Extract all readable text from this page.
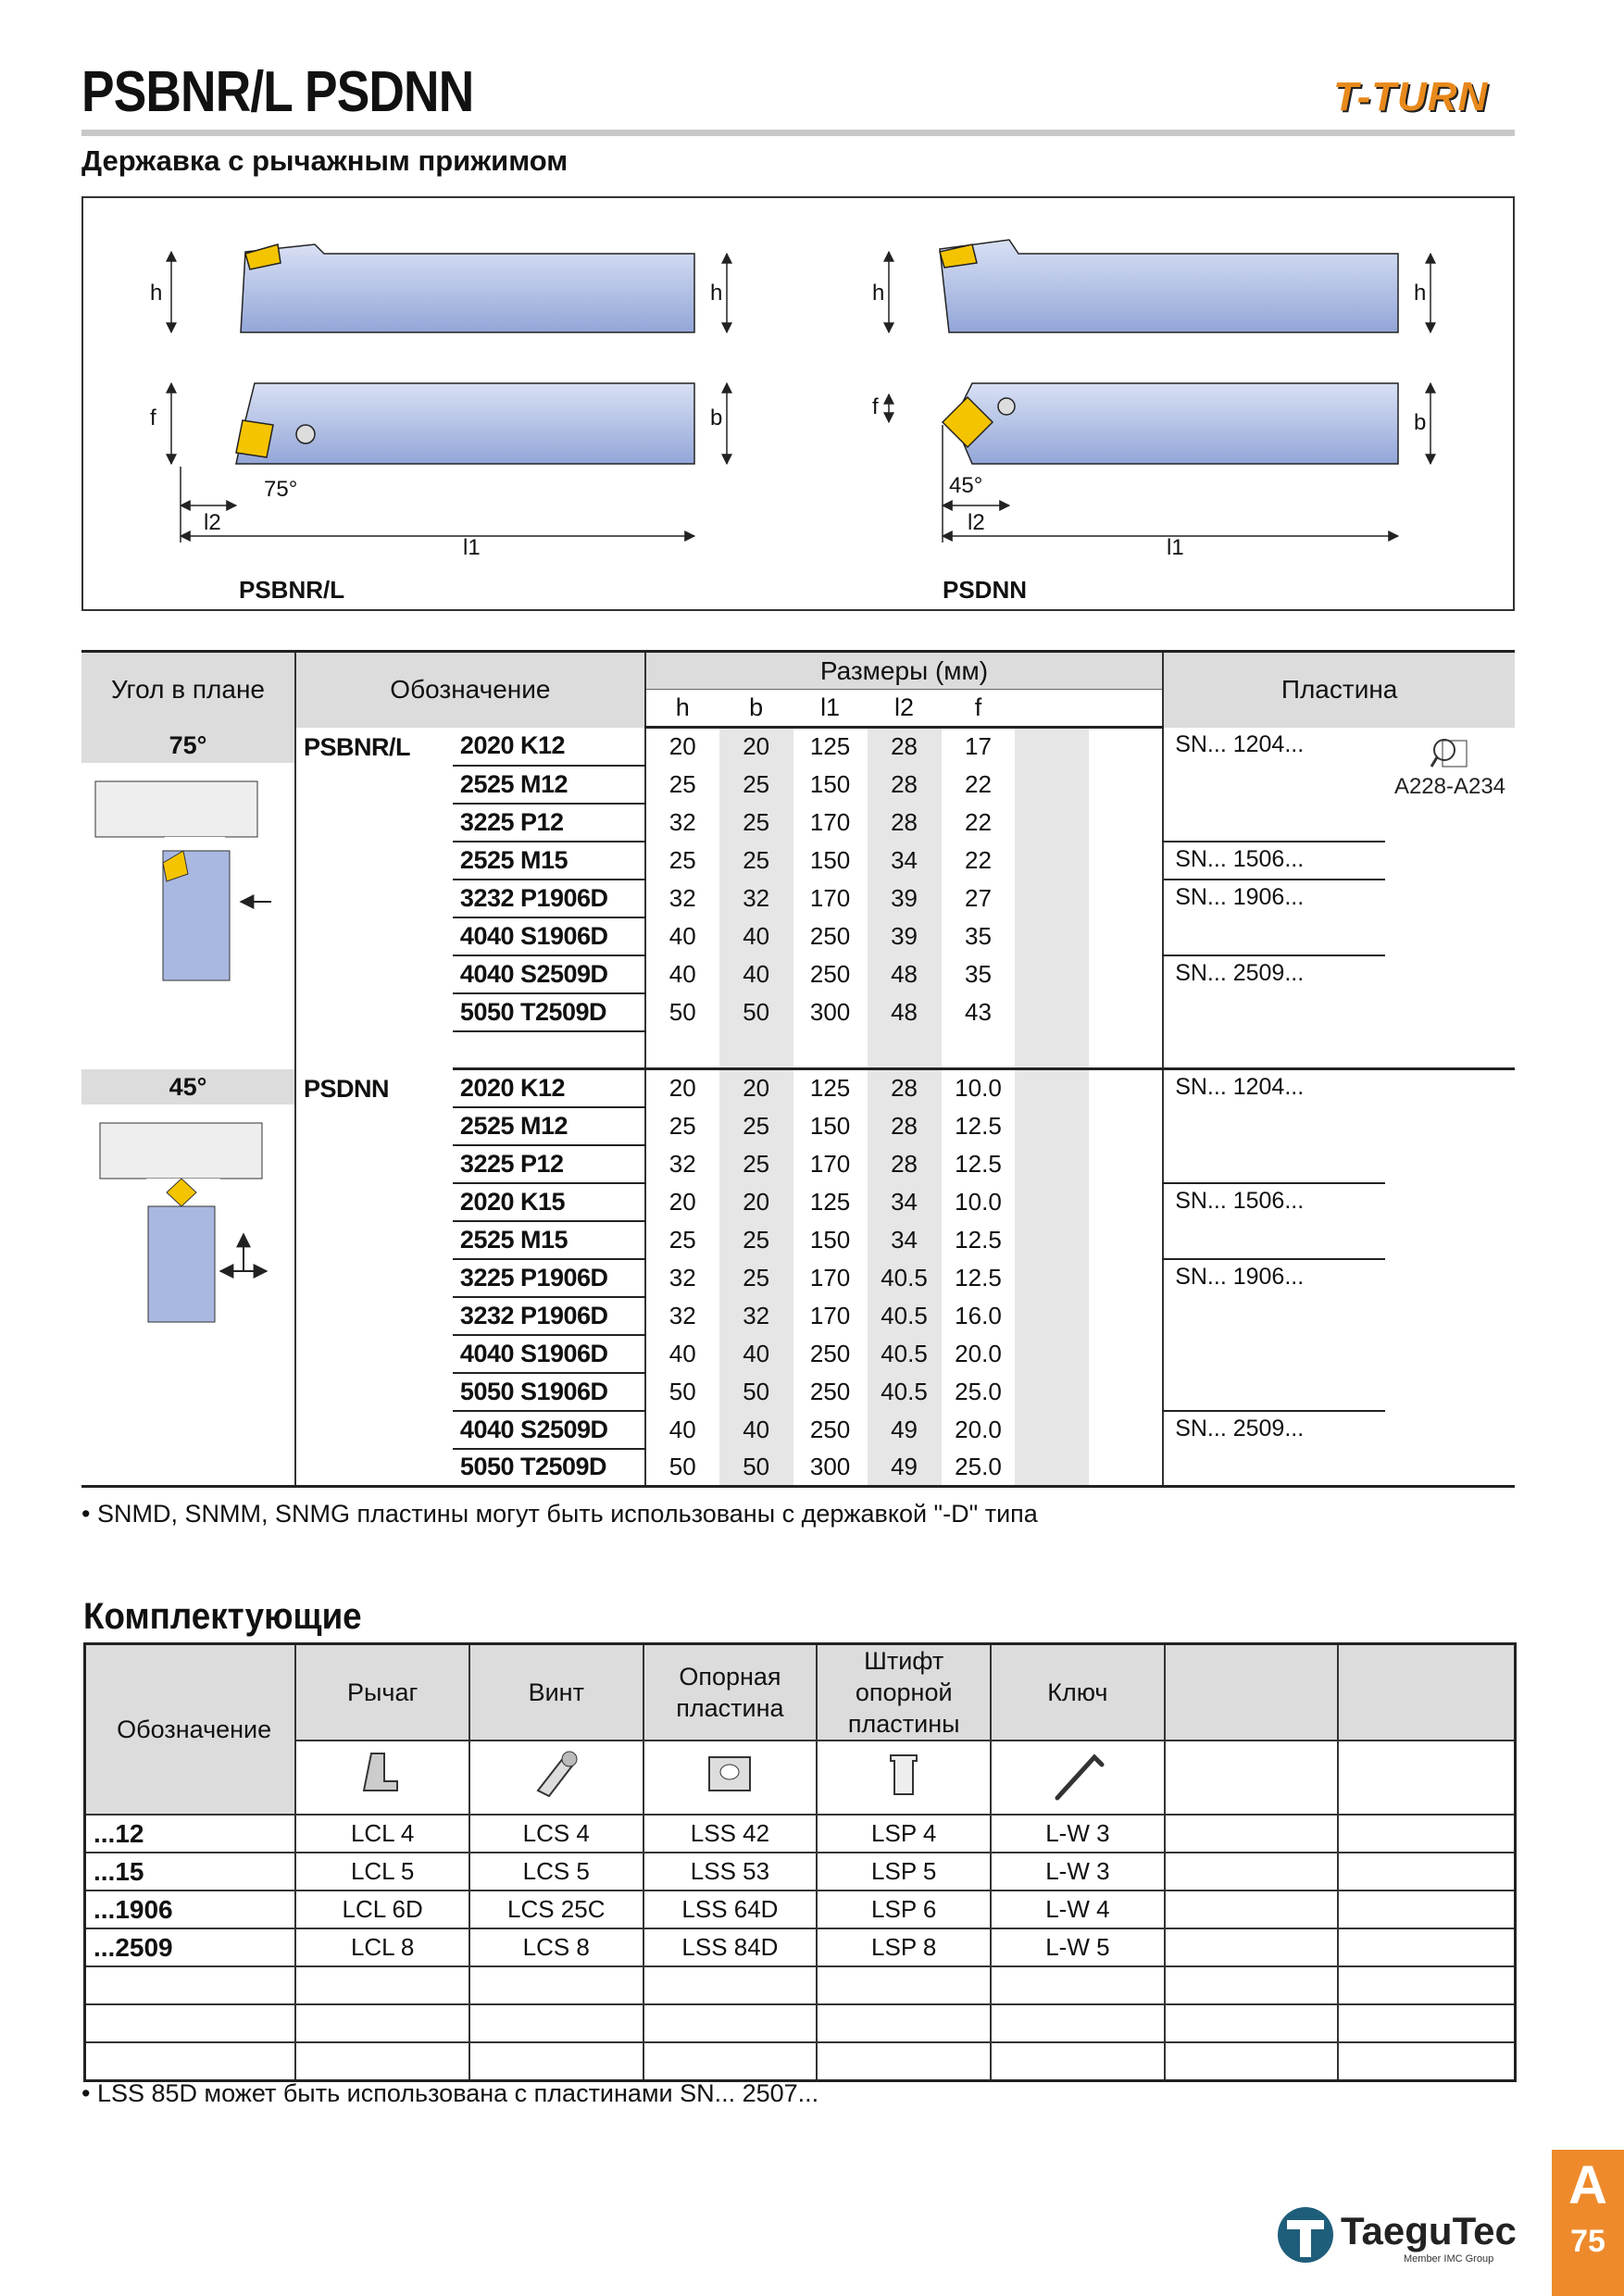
PSBNR/L PSDNN	T-TURN
Державка с рычажным прижимом
h	h
f	b
75°
l2
l1
h	h
f
b
45°
l2
l1
PSBNR/L	PSDNN
Угол в плане	Обозначение		Размеры (мм)							Пластина	
			h	b	l1	l2	f				

75°	PSBNR/L	2020 K12	20	20	125	28	17			SN... 1204...	A228-A234

		2525 M12	25	25	150	28	22				
		3225 P12	32	25	170	28	22				
		2525 M15	25	25	150	34	22			SN... 1506...	
		3232 P1906D	32	32	170	39	27			SN... 1906...	
		4040 S1906D	40	40	250	39	35				
		4040 S2509D	40	40	250	48	35			SN... 2509...	
		5050 T2509D	50	50	300	48	43				

45°	PSDNN	2020 K12	20	20	125	28	10.0			SN... 1204...	
		2525 M12	25	25	150	28	12.5				
		3225 P12	32	25	170	28	12.5				
		2020 K15	20	20	125	34	10.0			SN... 1506...	
		2525 M15	25	25	150	34	12.5				
		3225 P1906D	32	25	170	40.5	12.5			SN... 1906...	
		3232 P1906D	32	32	170	40.5	16.0				
		4040 S1906D	40	40	250	40.5	20.0				
		5050 S1906D	50	50	250	40.5	25.0				
		4040 S2509D	40	40	250	49	20.0			SN... 2509...	
		5050 T2509D	50	50	300	49	25.0				
• SNMD, SNMM, SNMG пластины могут быть использованы с державкой "-D" типа
Комплектующие
Обозначение	Рычаг	Винт	Опорная пластина	Штифт опорной пластины	Ключ		

...12	LCL 4	LCS 4	LSS 42	LSP 4	L-W 3		
...15	LCL 5	LCS 5	LSS 53	LSP 5	L-W 3		
...1906	LCL 6D	LCS 25C	LSS 64D	LSP 6	L-W 4		
...2509	LCL 8	LCS 8	LSS 84D	LSP 8	L-W 5		

• LSS 85D может быть использована с пластинами SN... 2507...
TaeguTec
Member IMC Group
A
75
